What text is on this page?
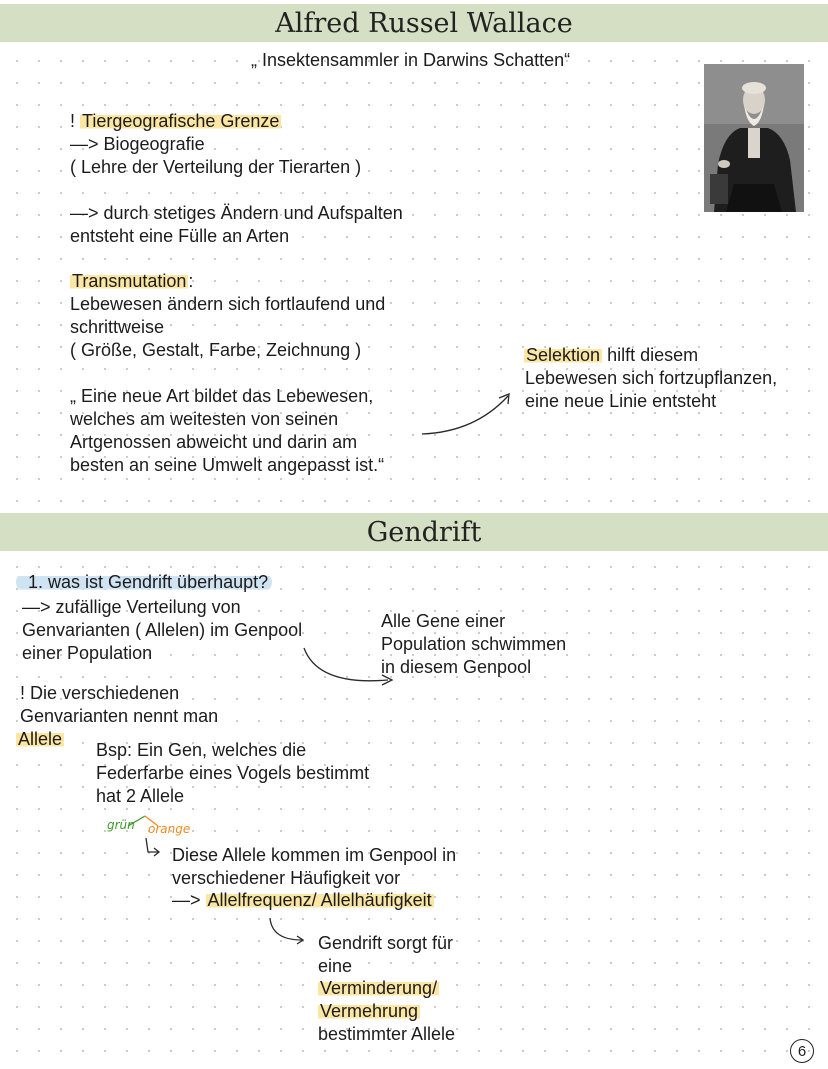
Alfred Russel Wallace
„ Insektensammler in Darwins Schatten“
! Tiergeografische Grenze
—> Biogeografie
( Lehre der Verteilung der Tierarten )
—> durch stetiges Ändern und Aufspalten
entsteht eine Fülle an Arten
Transmutation :
Lebewesen ändern sich fortlaufend und
schrittweise
( Größe, Gestalt, Farbe, Zeichnung )
„ Eine neue Art bildet das Lebewesen,
welches am weitesten von seinen
Artgenossen abweicht und darin am
besten an seine Umwelt angepasst ist.“
Selektion hilft diesem
Lebewesen sich fortzupflanzen,
eine neue Linie entsteht
Gendrift
1. was ist Gendrift überhaupt?
—> zufällige Verteilung von
Genvarianten ( Allelen) im Genpool
einer Population
Alle Gene einer
Population schwimmen
in diesem Genpool
! Die verschiedenen
Genvarianten nennt man
Allele
Bsp: Ein Gen, welches die
Federfarbe eines Vogels bestimmt
hat 2 Allele
grün orange
Diese Allele kommen im Genpool in
verschiedener Häufigkeit vor
—> Allelfrequenz/ Allelhäufigkeit
Gendrift sorgt für
eine
Verminderung/
Vermehrung
bestimmter Allele
6
